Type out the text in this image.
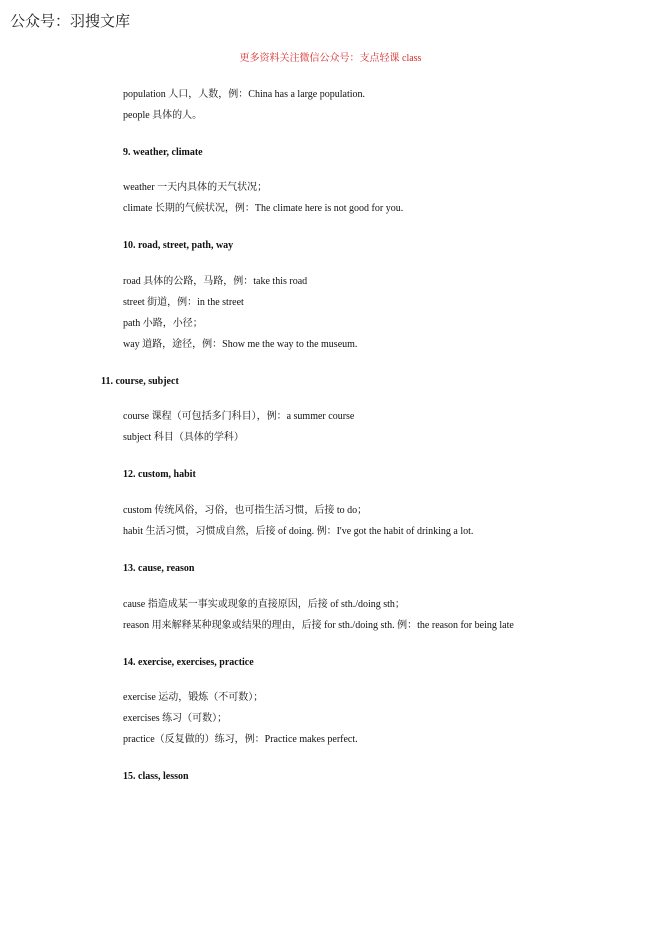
公众号：羽搜文库
更多资料关注微信公众号：支点轻课 class
population 人口，人数，例：China has a large population.
people 具体的人。
9. weather, climate
weather 一天内具体的天气状况；
climate 长期的气候状况，例：The climate here is not good for you.
10. road, street, path, way
road 具体的公路，马路，例：take this road
street 街道，例：in the street
path 小路，小径；
way 道路，途径，例：Show me the way to the museum.
11. course, subject
course 课程（可包括多门科目），例：a summer course
subject 科目（具体的学科）
12. custom, habit
custom 传统风俗，习俗，也可指生活习惯，后接 to do；
habit 生活习惯，习惯成自然，后接 of doing. 例：I've got the habit of drinking a lot.
13. cause, reason
cause 指造成某一事实或现象的直接原因，后接 of sth./doing sth；
reason 用来解释某种现象或结果的理由，后接 for sth./doing sth. 例：the reason for being late
14. exercise, exercises, practice
exercise 运动，锻炼（不可数）；
exercises 练习（可数）；
practice（反复做的）练习，例：Practice makes perfect.
15. class, lesson
